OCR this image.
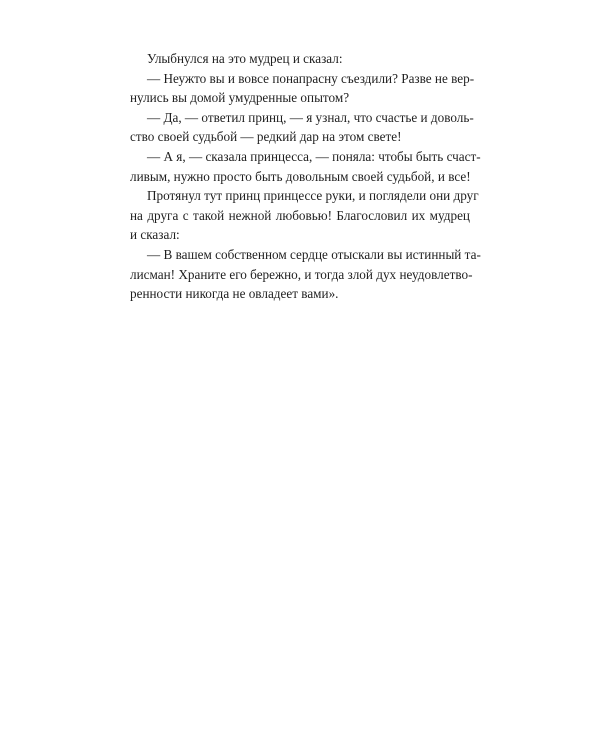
Улыбнулся на это мудрец и сказал:
— Неужто вы и вовсе понапрасну съездили? Разве не вер-
нулись вы домой умудренные опытом?
— Да, — ответил принц, — я узнал, что счастье и доволь-
ство своей судьбой — редкий дар на этом свете!
— А я, — сказала принцесса, — поняла: чтобы быть счаст-
ливым, нужно просто быть довольным своей судьбой, и все!
Протянул тут принц принцессе руки, и поглядели они друг
на друга с такой нежной любовью! Благословил их мудрец
и сказал:
— В вашем собственном сердце отыскали вы истинный та-
лисман! Храните его бережно, и тогда злой дух неудовлетво-
ренности никогда не овладеет вами».
